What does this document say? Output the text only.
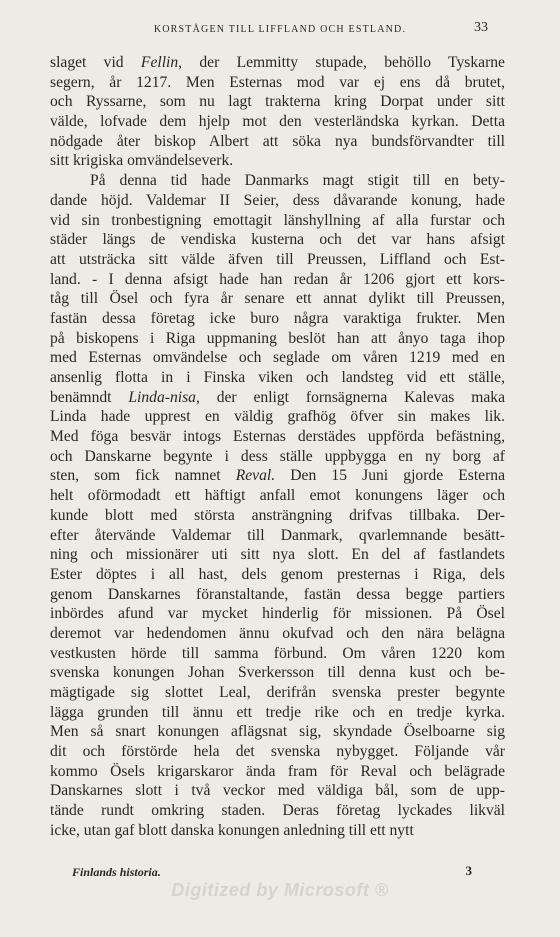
KORSTÅGEN TILL LIFFLAND OCH ESTLAND.	33
slaget vid Fellin, der Lemmitty stupade, behöllo Tyskarne
segern, år 1217. Men Esternas mod var ej ens då brutet,
och Ryssarne, som nu lagt trakterna kring Dorpat under sitt
välde, lofvade dem hjelp mot den vesterländska kyrkan. Detta
nödgade åter biskop Albert att söka nya bundsförvandter till
sitt krigiska omvändelseverk.
På denna tid hade Danmarks magt stigit till en bety-
dande höjd. Valdemar II Seier, dess dåvarande konung, hade
vid sin tronbestigning emottagit länshyllning af alla furstar och
städer längs de vendiska kusterna och det var hans afsigt
att utsträcka sitt välde äfven till Preussen, Liffland och Est-
land. - I denna afsigt hade han redan år 1206 gjort ett kors-
tåg till Ösel och fyra år senare ett annat dylikt till Preussen,
fastän dessa företag icke buro några varaktiga frukter. Men
på biskopens i Riga uppmaning beslöt han att ånyo taga ihop
med Esternas omvändelse och seglade om våren 1219 med en
ansenlig flotta in i Finska viken och landsteg vid ett ställe,
benämndt Linda-nisa, der enligt fornsägnerna Kalevas maka
Linda hade upprest en väldig grafhög öfver sin makes lik.
Med föga besvär intogs Esternas derstädes uppförda befästning,
och Danskarne begynte i dess ställe uppbygga en ny borg af
sten, som fick namnet Reval. Den 15 Juni gjorde Esterna
helt oförmodadt ett häftigt anfall emot konungens läger och
kunde blott med största ansträngning drifvas tillbaka. Der-
efter återvände Valdemar till Danmark, qvarlemnande besätt-
ning och missionärer uti sitt nya slott. En del af fastlandets
Ester döptes i all hast, dels genom presternas i Riga, dels
genom Danskarnes föranstaltande, fastän dessa begge partiers
inbördes afund var mycket hinderlig för missionen. På Ösel
deremot var hedendomen ännu okufvad och den nära belägna
vestkusten hörde till samma förbund. Om våren 1220 kom
svenska konungen Johan Sverkersson till denna kust och be-
mägtigade sig slottet Leal, derifrån svenska prester begynte
lägga grunden till ännu ett tredje rike och en tredje kyrka.
Men så snart konungen aflägsnat sig, skyndade Öselboarne sig
dit och förstörde hela det svenska nybygget. Följande vår
kommo Ösels krigarskaror ända fram för Reval och belägrade
Danskarnes slott i två veckor med väldiga bål, som de upp-
tände rundt omkring staden. Deras företag lyckades likväl
icke, utan gaf blott danska konungen anledning till ett nytt
Finlands historia.	3
Digitized by Microsoft ®
